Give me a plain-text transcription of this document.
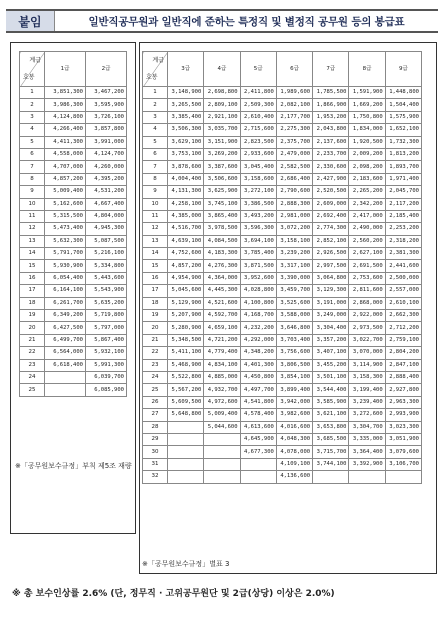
붙임	일반직공무원과 일반직에 준하는 특정직 및 별정직 공무원 등의 봉급표
계급
호봉	1급	2급
1	3,851,300	3,467,200
2	3,986,300	3,595,900
3	4,124,800	3,726,100
4	4,266,400	3,857,800
5	4,411,300	3,991,000
6	4,558,000	4,124,700
7	4,707,000	4,260,000
8	4,857,200	4,395,200
9	5,009,400	4,531,200
10	5,162,600	4,667,400
11	5,315,500	4,804,000
12	5,473,400	4,945,300
13	5,632,300	5,087,500
14	5,791,700	5,216,100
15	5,930,900	5,334,800
16	6,054,400	5,443,600
17	6,164,100	5,543,900
18	6,261,700	5,635,200
19	6,349,200	5,719,800
20	6,427,500	5,797,000
21	6,499,700	5,867,400
22	6,564,000	5,932,100
23	6,618,400	5,991,300
24		6,039,700
25		6,085,900
※「공무원보수규정」부칙 제5조 재량
계급
호봉	3급	4급	5급	6급	7급	8급	9급
1	3,148,900	2,698,800	2,411,800	1,989,600	1,785,500	1,591,900	1,448,800
2	3,265,500	2,809,100	2,509,300	2,082,100	1,866,900	1,669,200	1,504,400
3	3,385,400	2,921,100	2,610,400	2,177,700	1,953,200	1,750,800	1,575,900
4	3,506,300	3,035,700	2,715,600	2,275,300	2,043,800	1,834,000	1,652,100
5	3,629,100	3,151,900	2,823,500	2,375,700	2,137,600	1,920,500	1,732,300
6	3,753,100	3,269,200	2,933,600	2,479,000	2,233,700	2,009,200	1,813,200
7	3,878,600	3,387,600	3,045,400	2,582,500	2,330,600	2,098,200	1,893,700
8	4,004,400	3,506,600	3,158,600	2,686,400	2,427,900	2,183,600	1,971,400
9	4,131,300	3,625,900	3,272,100	2,790,600	2,520,500	2,265,200	2,045,700
10	4,258,100	3,745,100	3,386,500	2,888,300	2,609,000	2,342,200	2,117,200
11	4,385,000	3,865,400	3,493,200	2,981,000	2,692,400	2,417,000	2,185,400
12	4,516,700	3,978,500	3,596,300	3,072,200	2,774,300	2,490,000	2,253,200
13	4,639,100	4,084,500	3,694,100	3,158,100	2,852,100	2,560,200	2,318,200
14	4,752,600	4,183,300	3,785,400	3,239,200	2,926,500	2,627,100	2,381,300
15	4,857,200	4,276,300	3,871,500	3,317,100	2,997,500	2,691,500	2,441,600
16	4,954,900	4,364,000	3,952,600	3,390,000	3,064,800	2,753,600	2,500,000
17	5,045,600	4,445,300	4,028,800	3,459,700	3,129,300	2,811,600	2,557,000
18	5,129,900	4,521,600	4,100,800	3,525,600	3,191,000	2,868,000	2,610,100
19	5,207,900	4,592,700	4,168,700	3,588,000	3,249,000	2,922,000	2,662,300
20	5,280,900	4,659,100	4,232,200	3,646,800	3,304,400	2,973,500	2,712,200
21	5,348,500	4,721,200	4,292,000	3,703,400	3,357,200	3,022,700	2,759,100
22	5,411,100	4,779,400	4,348,200	3,756,600	3,407,100	3,070,000	2,804,200
23	5,468,900	4,834,100	4,401,300	3,806,500	3,455,200	3,114,900	2,847,100
24	5,522,800	4,885,000	4,450,800	3,854,100	3,501,100	3,158,300	2,888,400
25	5,567,200	4,932,700	4,497,700	3,899,400	3,544,400	3,199,400	2,927,800
26	5,609,500	4,972,600	4,541,800	3,942,000	3,585,900	3,239,400	2,963,300
27	5,648,800	5,009,400	4,578,400	3,982,600	3,621,100	3,272,600	2,993,900
28		5,044,600	4,613,600	4,016,600	3,653,800	3,304,700	3,023,300
29			4,645,900	4,048,300	3,685,500	3,335,000	3,051,900
30			4,677,300	4,078,000	3,715,700	3,364,400	3,079,600
31				4,109,100	3,744,100	3,392,900	3,106,700
32				4,136,600			
※「공무원보수규정」별표 3
※ 총 보수인상률 2.6% (단, 정무직 · 고위공무원단 및 2급(상당) 이상은 2.0%)
